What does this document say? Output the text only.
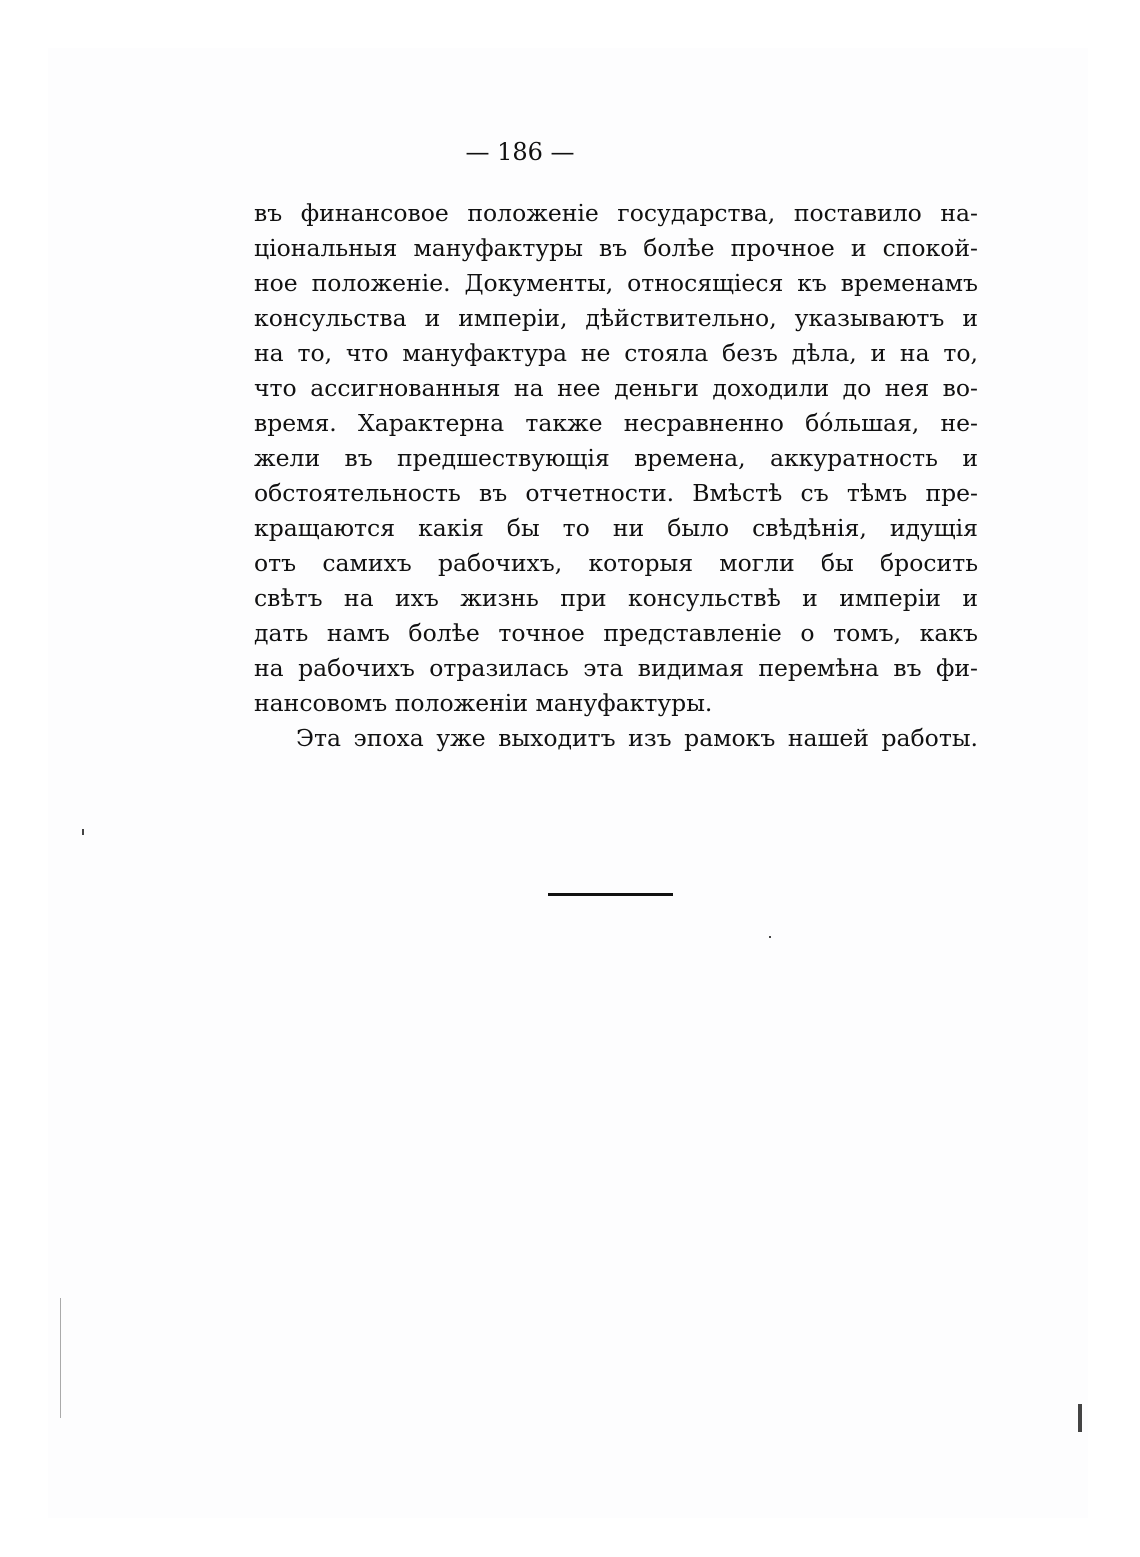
— 186 —
въ финансовое положенiе государства, поставило на-
цiональныя мануфактуры въ болѣе прочное и спокой-
ное положенiе. Документы, относящiеся къ временамъ
консульства и имперiи, дѣйствительно, указываютъ и
на то, что мануфактура не стояла безъ дѣла, и на то,
что ассигнованныя на нее деньги доходили до нея во-
время. Характерна также несравненно бóльшая, не-
жели въ предшествующiя времена, аккуратность и
обстоятельность въ отчетности. Вмѣстѣ съ тѣмъ пре-
кращаются какiя бы то ни было свѣдѣнiя, идущiя
отъ самихъ рабочихъ, которыя могли бы бросить
свѣтъ на ихъ жизнь при консульствѣ и имперiи и
дать намъ болѣе точное представленiе о томъ, какъ
на рабочихъ отразилась эта видимая перемѣна въ фи-
нансовомъ положенiи мануфактуры.
Эта эпоха уже выходитъ изъ рамокъ нашей работы.
